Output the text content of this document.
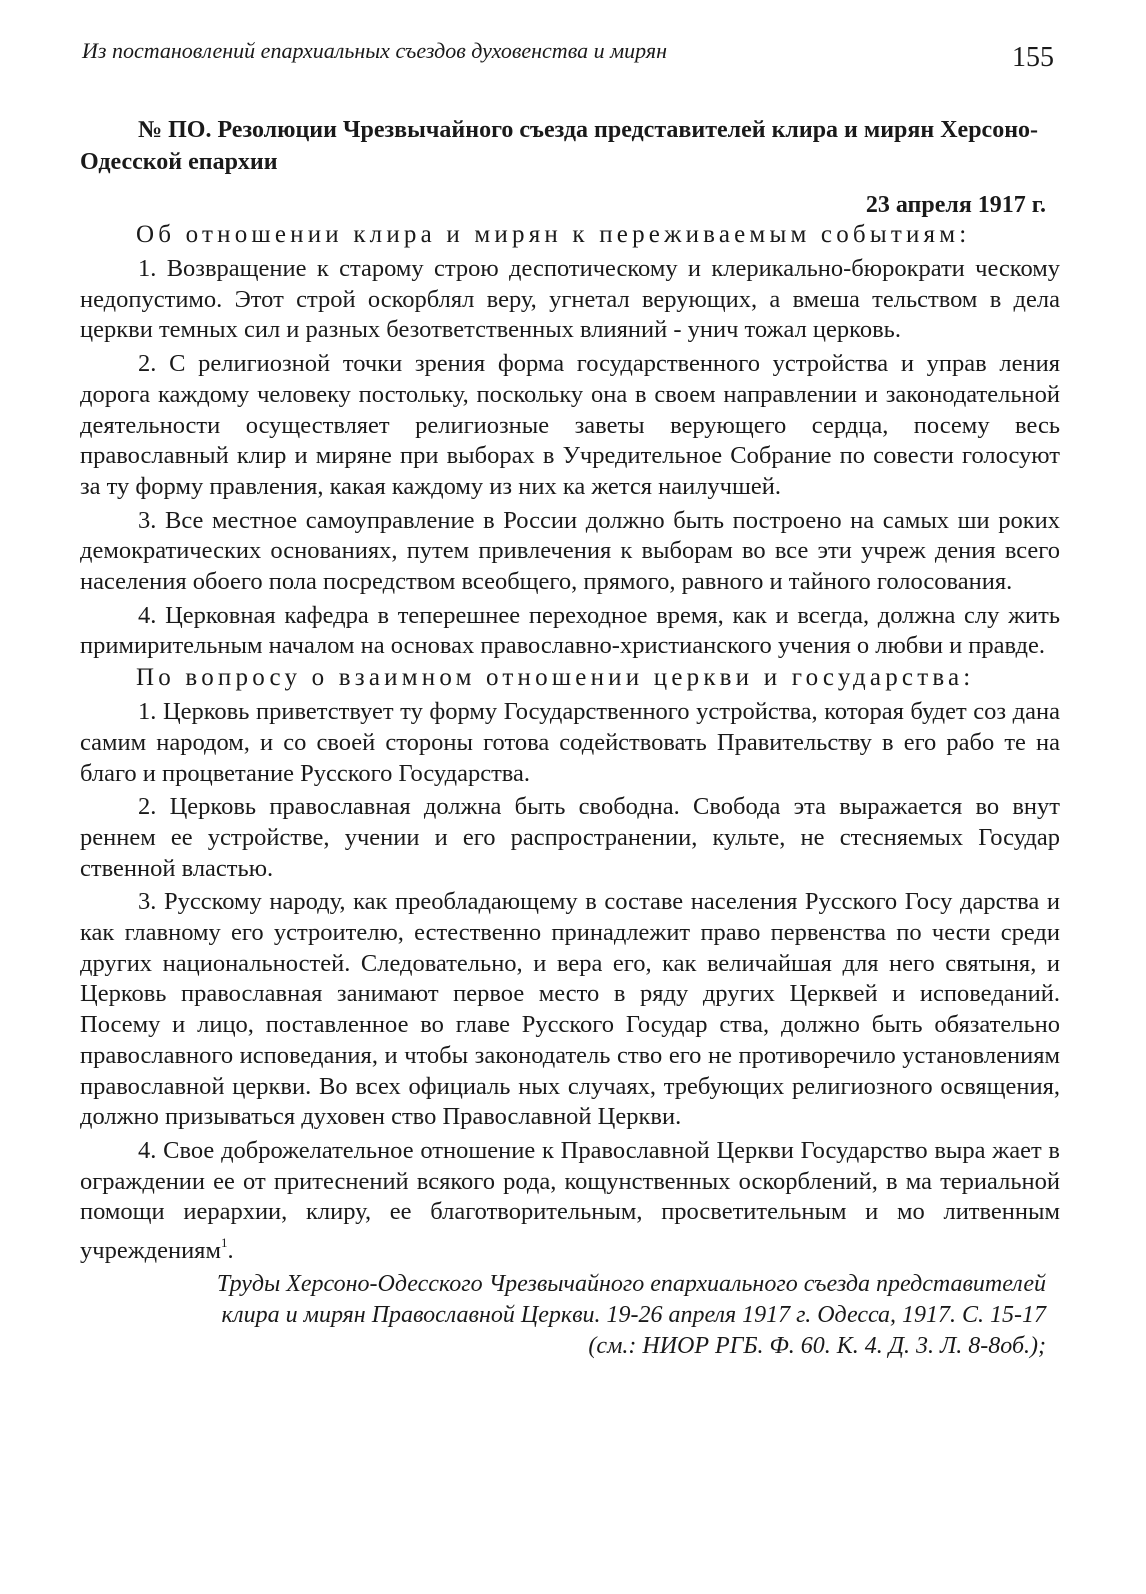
Из постановлений епархиальных съездов духовенства и мирян	155
№ ПО. Резолюции Чрезвычайного съезда представителей клира и мирян Херсоно-Одесской епархии
23 апреля 1917 г.
Об отношении клира и мирян к переживаемым событиям:

1. Возвращение к старому строю деспотическому и клерикально-бюрократи ческому недопустимо. Этот строй оскорблял веру, угнетал верующих, а вмеша тельством в дела церкви темных сил и разных безответственных влияний - унич тожал церковь.

2. С религиозной точки зрения форма государственного устройства и управ ления дорога каждому человеку постольку, поскольку она в своем направлении и законодательной деятельности осуществляет религиозные заветы верующего сердца, посему весь православный клир и миряне при выборах в Учредительное Собрание по совести голосуют за ту форму правления, какая каждому из них ка жется наилучшей.

3. Все местное самоуправление в России должно быть построено на самых ши роких демократических основаниях, путем привлечения к выборам во все эти учреж дения всего населения обоего пола посредством всеобщего, прямого, равного и тайного голосования.

4. Церковная кафедра в теперешнее переходное время, как и всегда, должна слу жить примирительным началом на основах православно-христианского учения о любви и правде.

По вопросу о взаимном отношении церкви и государства:

1. Церковь приветствует ту форму Государственного устройства, которая будет соз дана самим народом, и со своей стороны готова содействовать Правительству в его рабо те на благо и процветание Русского Государства.

2. Церковь православная должна быть свободна. Свобода эта выражается во внут реннем ее устройстве, учении и его распространении, культе, не стесняемых Государ ственной властью.

3. Русскому народу, как преобладающему в составе населения Русского Госу дарства и как главному его устроителю, естественно принадлежит право первенства по чести среди других национальностей. Следовательно, и вера его, как величайшая для него святыня, и Церковь православная занимают первое место в ряду других Церквей и исповеданий. Посему и лицо, поставленное во главе Русского Государ ства, должно быть обязательно православного исповедания, и чтобы законодатель ство его не противоречило установлениям православной церкви. Во всех официаль ных случаях, требующих религиозного освящения, должно призываться духовен ство Православной Церкви.

4. Свое доброжелательное отношение к Православной Церкви Государство выра жает в ограждении ее от притеснений всякого рода, кощунственных оскорблений, в ма териальной помощи иерархии, клиру, ее благотворительным, просветительным и мо литвенным учреждениям$^1$.

Труды Херсоно-Одесского Чрезвычайного епархиального съезда представителей
клира и мирян Православной Церкви. 19-26 апреля 1917 г. Одесса, 1917. С. 15-17
(см.: НИОР РГБ. Ф. 60. К. 4. Д. 3. Л. 8-8об.);
